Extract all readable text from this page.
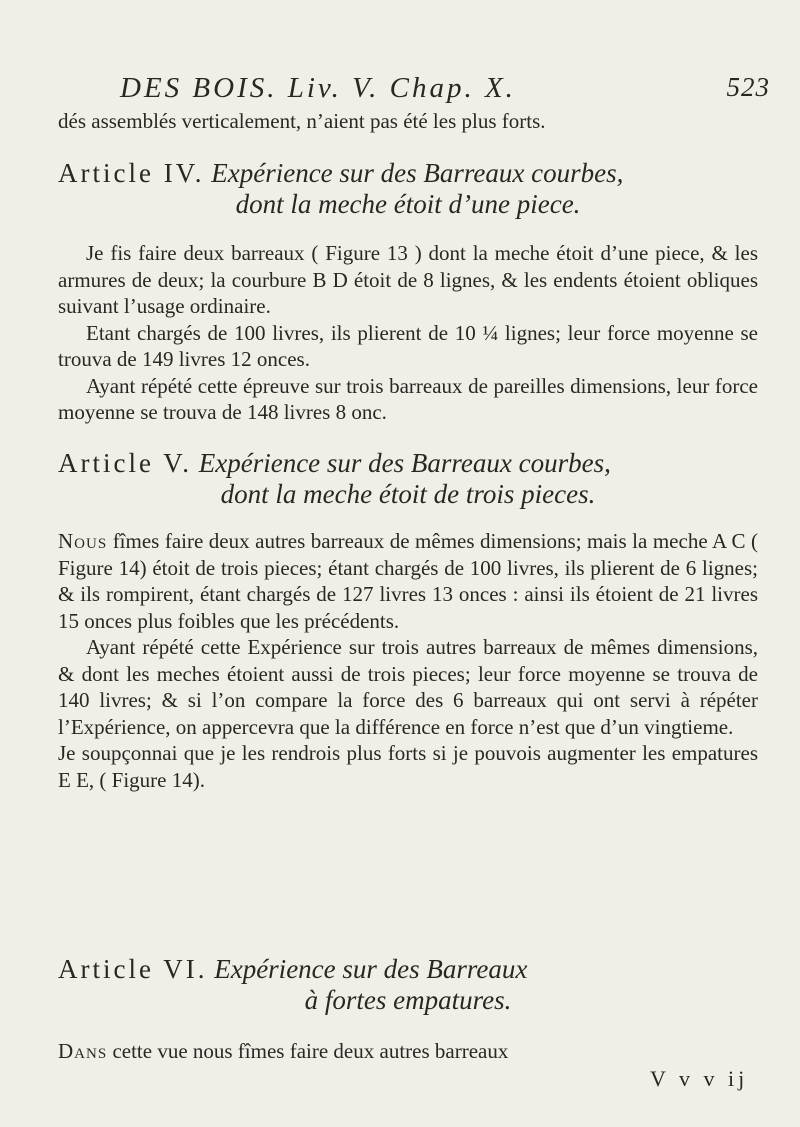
DES BOIS. Liv. V. Chap. X.	523

dés assemblés verticalement, n’aient pas été les plus forts.

Article IV. Expérience sur des Barreaux courbes,
dont la meche étoit d’une piece.

Je fis faire deux barreaux ( Figure 13 ) dont la meche étoit d’une piece, & les armures de deux; la courbure B D étoit de 8 lignes, & les endents étoient obliques suivant l’usage ordinaire.

Etant chargés de 100 livres, ils plierent de 10 ¼ lignes; leur force moyenne se trouva de 149 livres 12 onces.

Ayant répété cette épreuve sur trois barreaux de pareilles dimensions, leur force moyenne se trouva de 148 livres 8 onc.

Article V. Expérience sur des Barreaux courbes,
dont la meche étoit de trois pieces.

Nous fîmes faire deux autres barreaux de mêmes dimensions; mais la meche A C ( Figure 14) étoit de trois pieces; étant chargés de 100 livres, ils plierent de 6 lignes; & ils rompirent, étant chargés de 127 livres 13 onces : ainsi ils étoient de 21 livres 15 onces plus foibles que les précédents.

Ayant répété cette Expérience sur trois autres barreaux de mêmes dimensions, & dont les meches étoient aussi de trois pieces; leur force moyenne se trouva de 140 livres; & si l’on compare la force des 6 barreaux qui ont servi à répéter l’Expérience, on appercevra que la différence en force n’est que d’un vingtieme.

Je soupçonnai que je les rendrois plus forts si je pouvois augmenter les empatures E E, ( Figure 14).

Article VI. Expérience sur des Barreaux
à fortes empatures.

Dans cette vue nous fîmes faire deux autres barreaux

V v v ij
